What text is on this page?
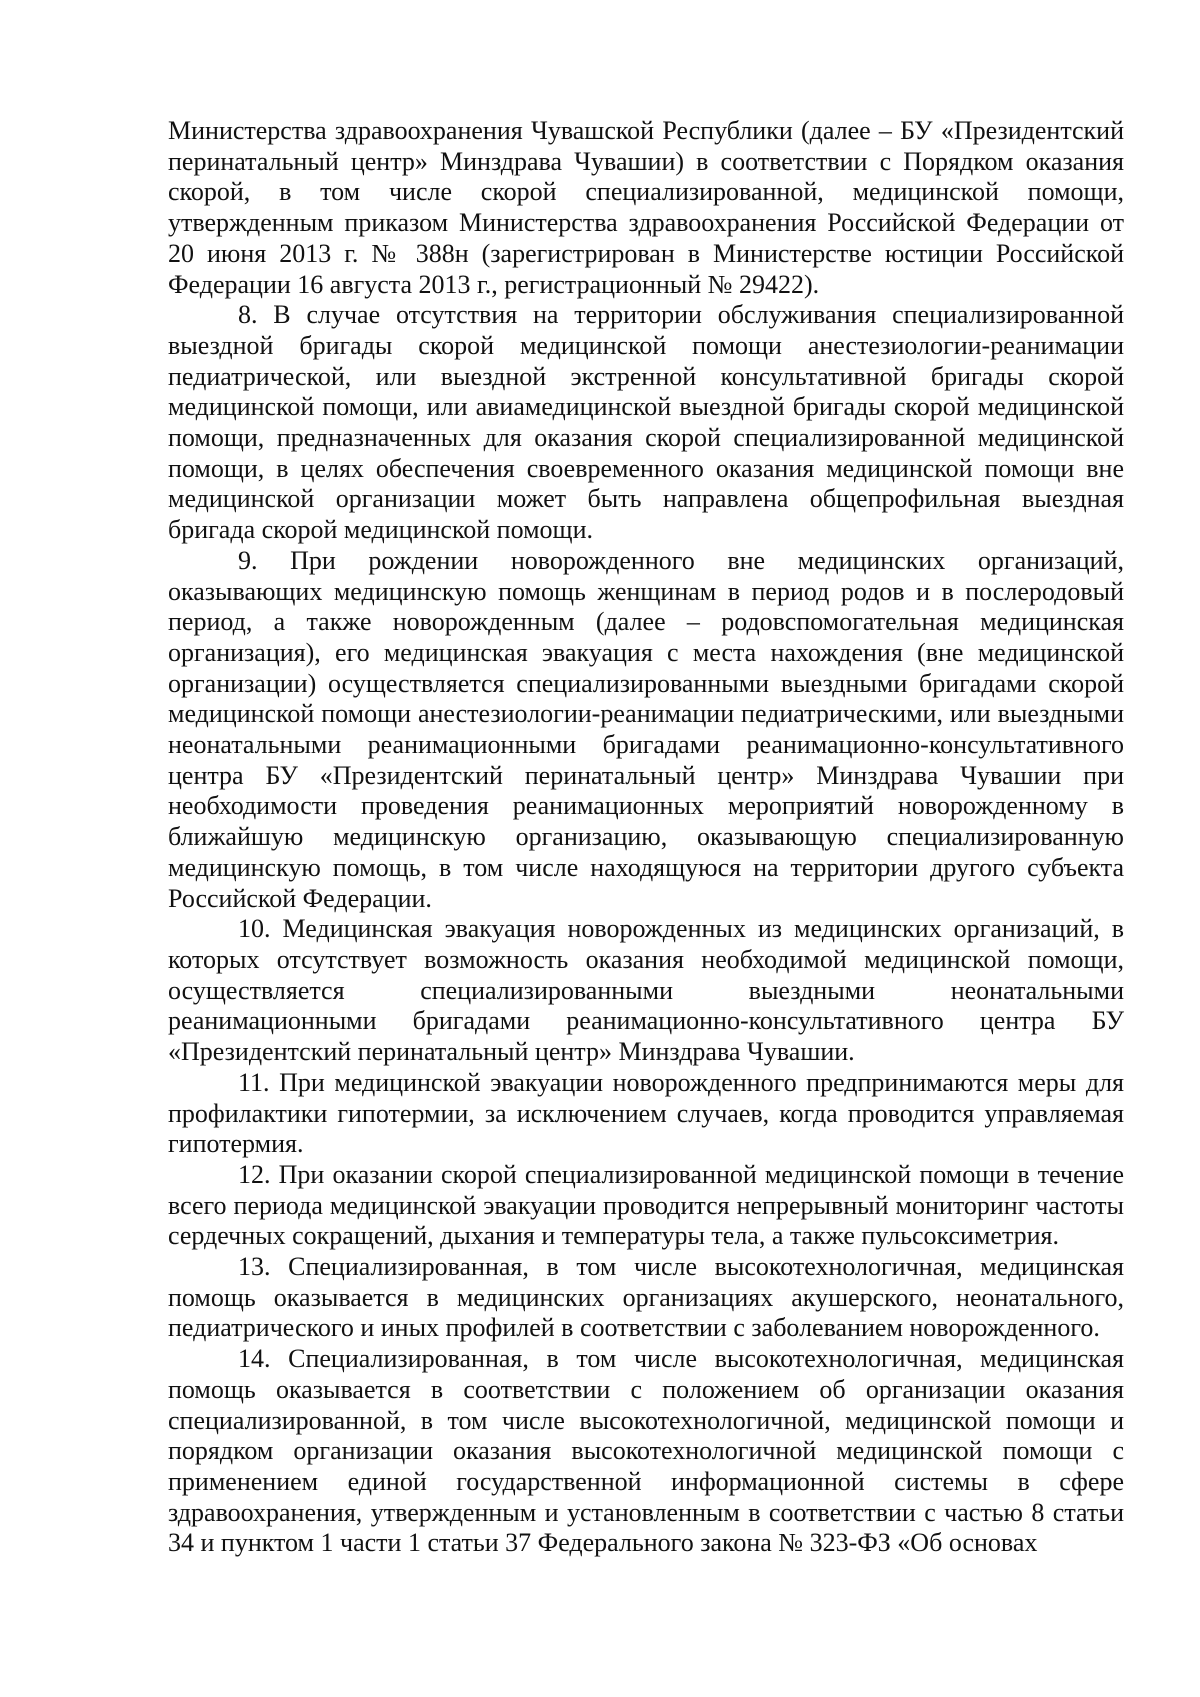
Министерства здравоохранения Чувашской Республики (далее – БУ «Президентский перинатальный центр» Минздрава Чувашии) в соответствии с Порядком оказания скорой, в том числе скорой специализированной, медицинской помощи, утвержденным приказом Министерства здравоохранения Российской Федерации от 20 июня 2013 г. № 388н (зарегистрирован в Министерстве юстиции Российской Федерации 16 августа 2013 г., регистрационный № 29422).

8. В случае отсутствия на территории обслуживания специализированной выездной бригады скорой медицинской помощи анестезиологии-реанимации педиатрической, или выездной экстренной консультативной бригады скорой медицинской помощи, или авиамедицинской выездной бригады скорой медицинской помощи, предназначенных для оказания скорой специализированной медицинской помощи, в целях обеспечения своевременного оказания медицинской помощи вне медицинской организации может быть направлена общепрофильная выездная бригада скорой медицинской помощи.

9. При рождении новорожденного вне медицинских организаций, оказывающих медицинскую помощь женщинам в период родов и в послеродовый период, а также новорожденным (далее – родовспомогательная медицинская организация), его медицинская эвакуация с места нахождения (вне медицинской организации) осуществляется специализированными выездными бригадами скорой медицинской помощи анестезиологии-реанимации педиатрическими, или выездными неонатальными реанимационными бригадами реанимационно-консультативного центра БУ «Президентский перинатальный центр» Минздрава Чувашии при необходимости проведения реанимационных мероприятий новорожденному в ближайшую медицинскую организацию, оказывающую специализированную медицинскую помощь, в том числе находящуюся на территории другого субъекта Российской Федерации.

10. Медицинская эвакуация новорожденных из медицинских организаций, в которых отсутствует возможность оказания необходимой медицинской помощи, осуществляется специализированными выездными неонатальными реанимационными бригадами реанимационно-консультативного центра БУ «Президентский перинатальный центр» Минздрава Чувашии.

11. При медицинской эвакуации новорожденного предпринимаются меры для профилактики гипотермии, за исключением случаев, когда проводится управляемая гипотермия.

12. При оказании скорой специализированной медицинской помощи в течение всего периода медицинской эвакуации проводится непрерывный мониторинг частоты сердечных сокращений, дыхания и температуры тела, а также пульсоксиметрия.

13. Специализированная, в том числе высокотехнологичная, медицинская помощь оказывается в медицинских организациях акушерского, неонатального, педиатрического и иных профилей в соответствии с заболеванием новорожденного.

14. Специализированная, в том числе высокотехнологичная, медицинская помощь оказывается в соответствии с положением об организации оказания специализированной, в том числе высокотехнологичной, медицинской помощи и порядком организации оказания высокотехнологичной медицинской помощи с применением единой государственной информационной системы в сфере здравоохранения, утвержденным и установленным в соответствии с частью 8 статьи 34 и пунктом 1 части 1 статьи 37 Федерального закона № 323-ФЗ «Об основах
